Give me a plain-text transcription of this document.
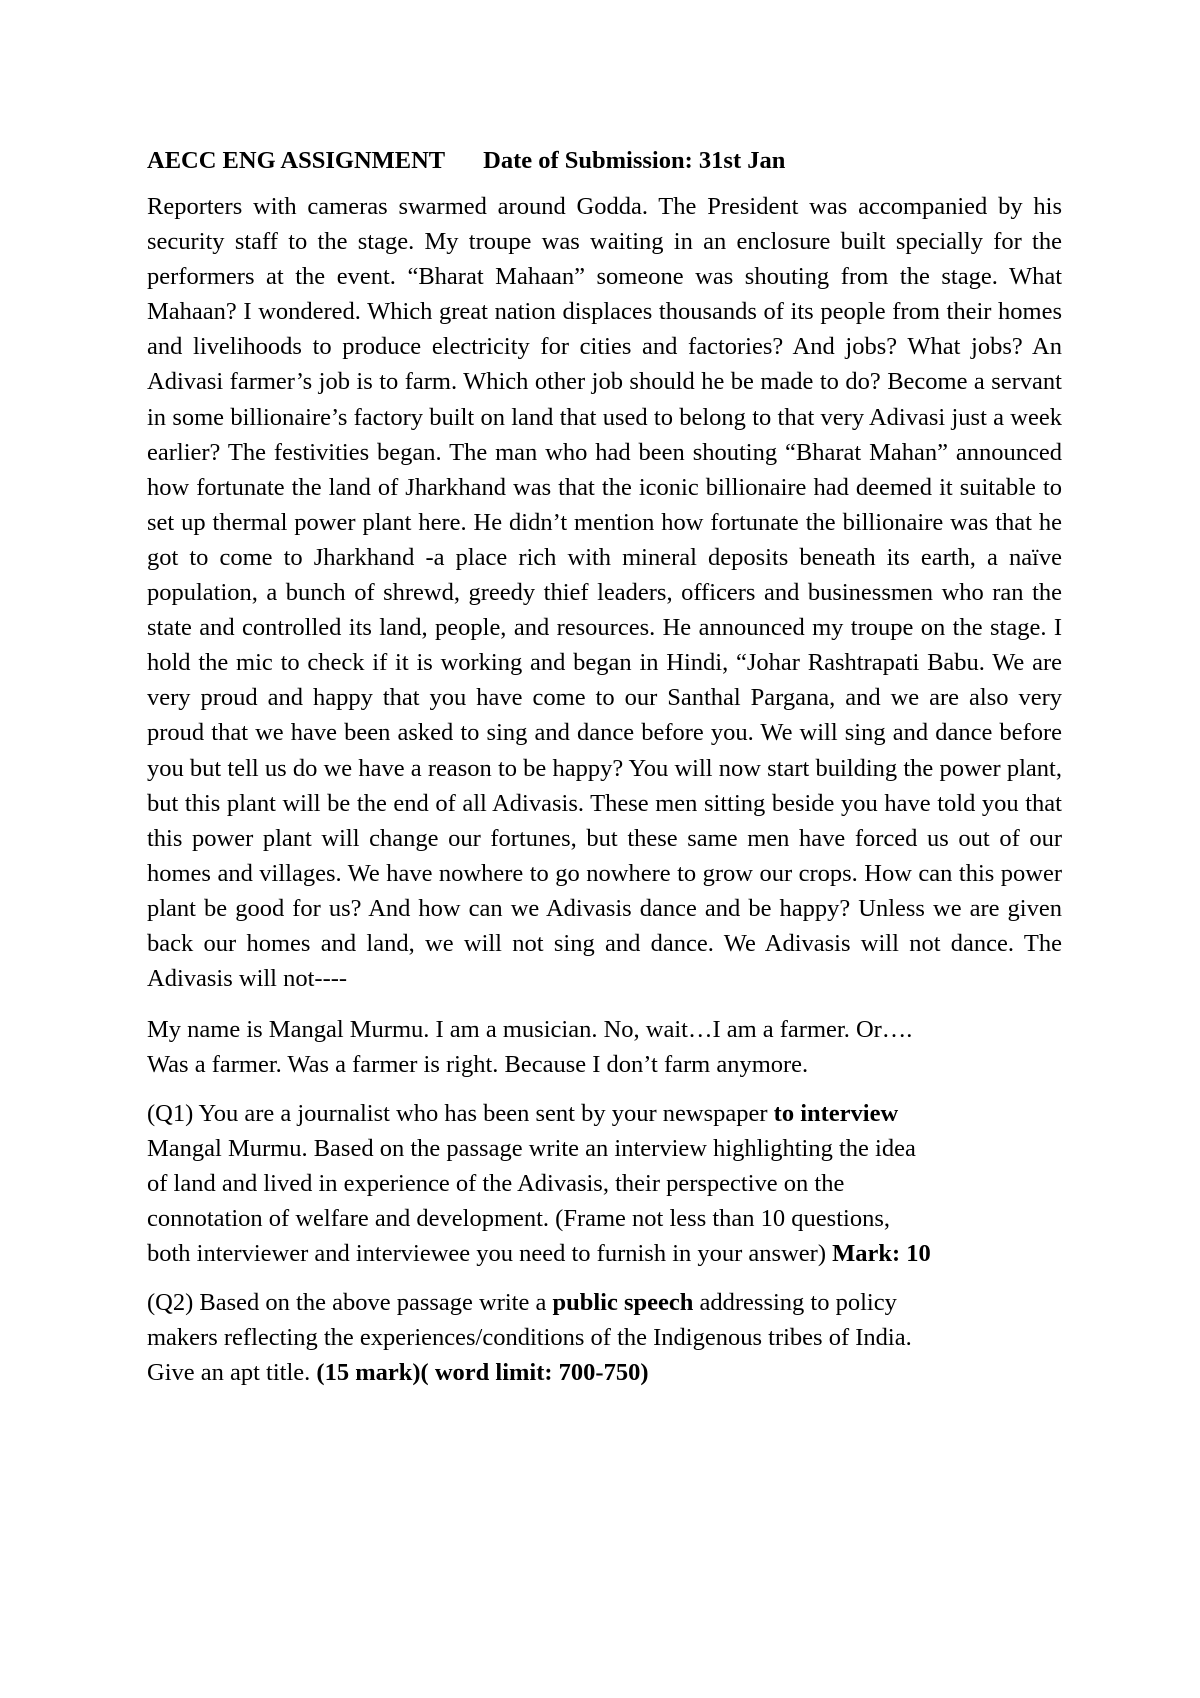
AECC ENG ASSIGNMENT Date of Submission: 31st Jan

Reporters with cameras swarmed around Godda. The President was accompanied by his security staff to the stage. My troupe was waiting in an enclosure built specially for the performers at the event. “Bharat Mahaan” someone was shouting from the stage. What Mahaan? I wondered. Which great nation displaces thousands of its people from their homes and livelihoods to produce electricity for cities and factories? And jobs? What jobs? An Adivasi farmer’s job is to farm. Which other job should he be made to do? Become a servant in some billionaire’s factory built on land that used to belong to that very Adivasi just a week earlier? The festivities began. The man who had been shouting “Bharat Mahan” announced how fortunate the land of Jharkhand was that the iconic billionaire had deemed it suitable to set up thermal power plant here. He didn’t mention how fortunate the billionaire was that he got to come to Jharkhand -a place rich with mineral deposits beneath its earth, a naïve population, a bunch of shrewd, greedy thief leaders, officers and businessmen who ran the state and controlled its land, people, and resources. He announced my troupe on the stage. I hold the mic to check if it is working and began in Hindi, “Johar Rashtrapati Babu. We are very proud and happy that you have come to our Santhal Pargana, and we are also very proud that we have been asked to sing and dance before you. We will sing and dance before you but tell us do we have a reason to be happy? You will now start building the power plant, but this plant will be the end of all Adivasis. These men sitting beside you have told you that this power plant will change our fortunes, but these same men have forced us out of our homes and villages. We have nowhere to go nowhere to grow our crops. How can this power plant be good for us? And how can we Adivasis dance and be happy? Unless we are given back our homes and land, we will not sing and dance. We Adivasis will not dance. The Adivasis will not----

My name is Mangal Murmu. I am a musician. No, wait…I am a farmer. Or….
Was a farmer. Was a farmer is right. Because I don’t farm anymore.

(Q1) You are a journalist who has been sent by your newspaper to interview
Mangal Murmu. Based on the passage write an interview highlighting the idea
of land and lived in experience of the Adivasis, their perspective on the
connotation of welfare and development. (Frame not less than 10 questions,
both interviewer and interviewee you need to furnish in your answer) Mark: 10

(Q2) Based on the above passage write a public speech addressing to policy
makers reflecting the experiences/conditions of the Indigenous tribes of India.
Give an apt title. (15 mark)( word limit: 700-750)
